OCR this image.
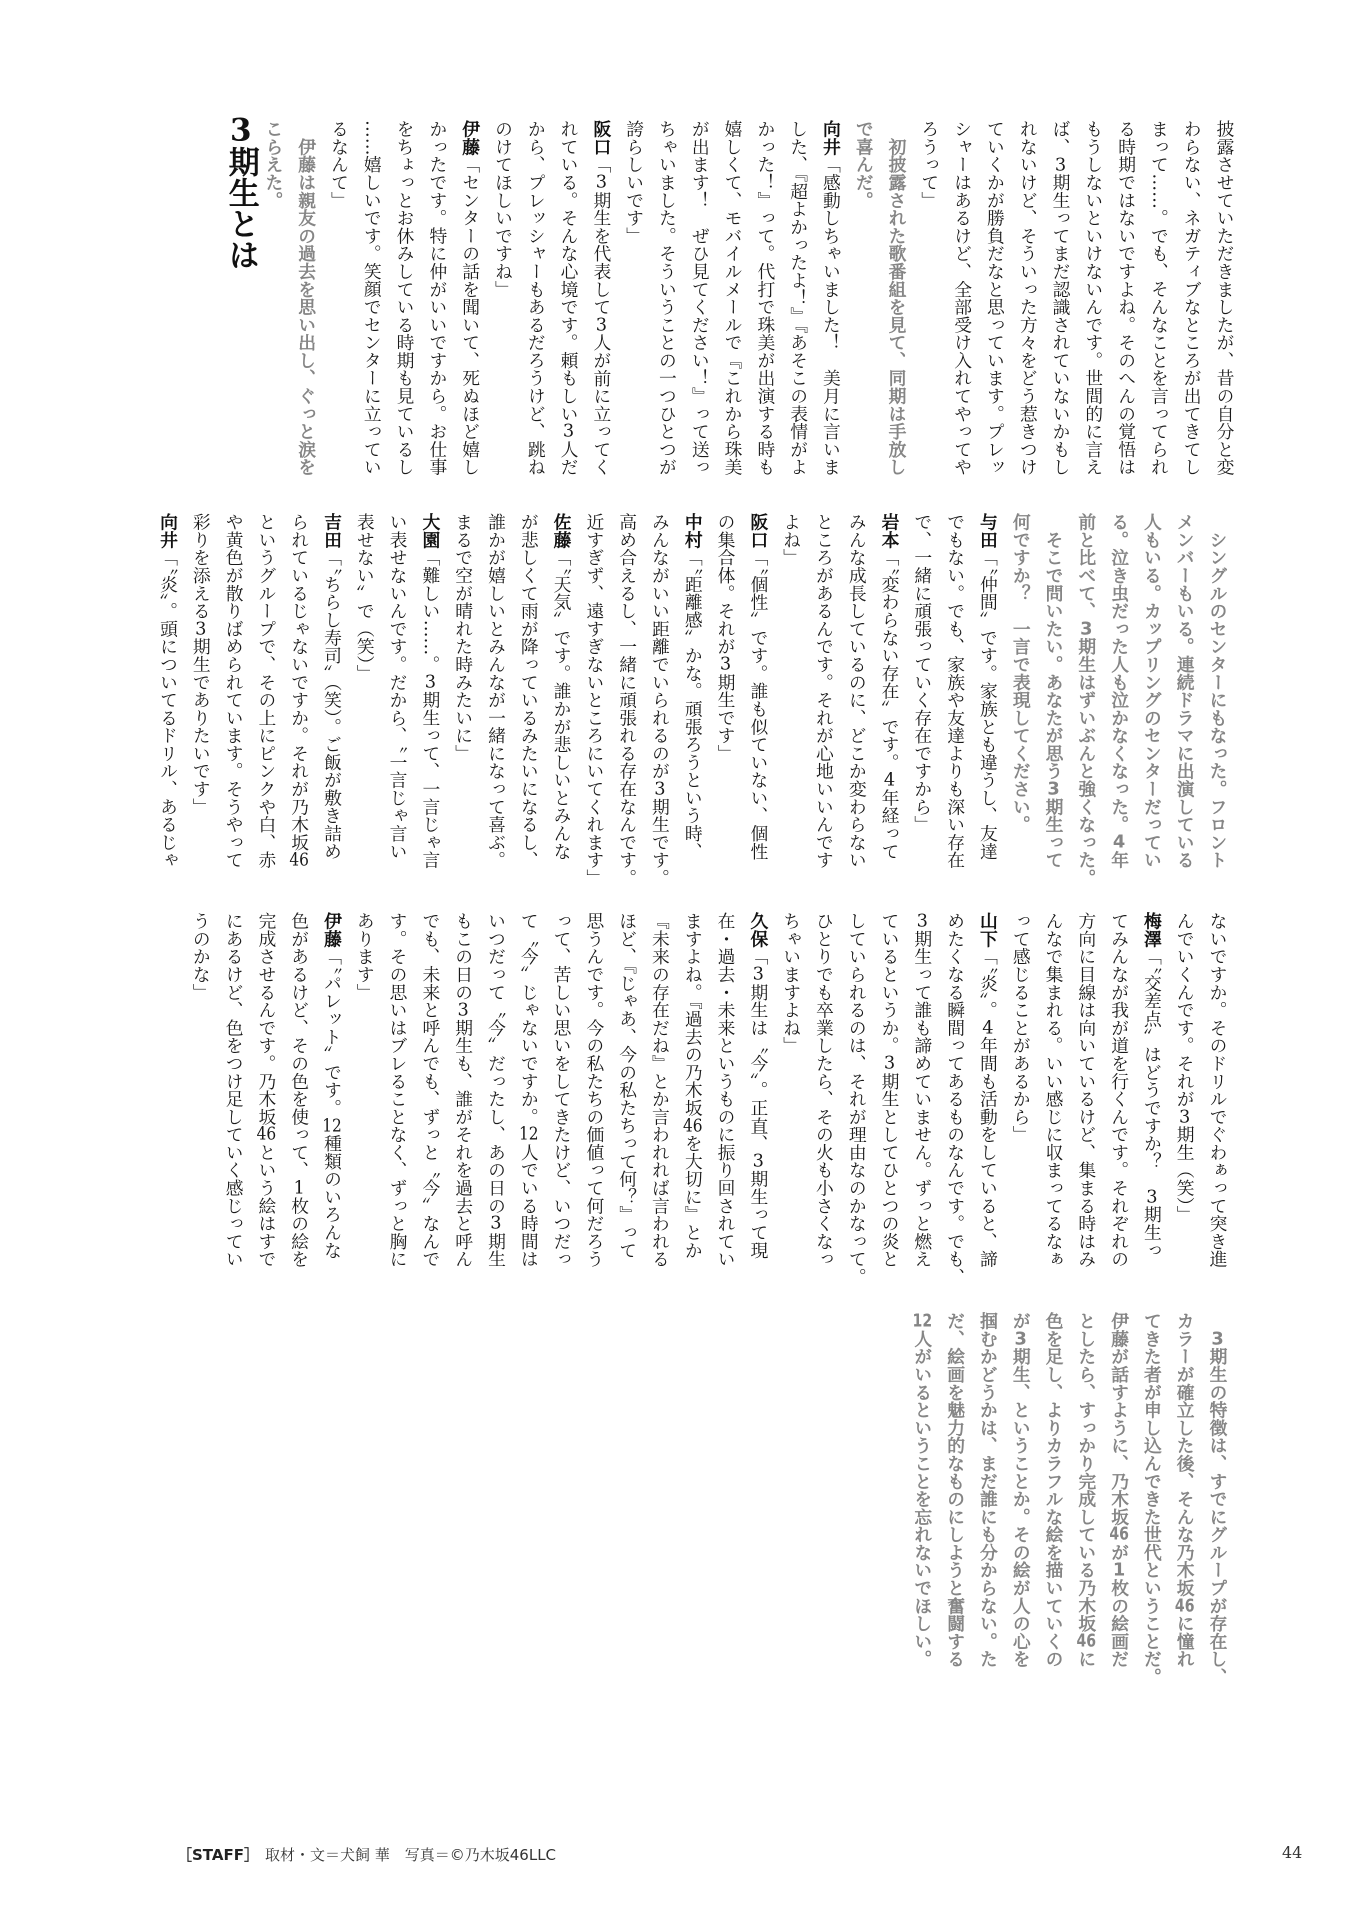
3期生とは	披露させていただきましたが、昔の自分と変
わらない、ネガティブなところが出てきてし
まって……。でも、そんなことを言ってられ
る時期ではないですよね。そのへんの覚悟は
もうしないといけないんです。世間的に言え
ば、3期生ってまだ認識されていないかもし
れないけど、そういった方々をどう惹きつけ
ていくかが勝負だなと思っています。プレッ
シャーはあるけど、全部受け入れてやってや
ろうって」
　初披露された歌番組を見て、同期は手放し
で喜んだ。
向井「感動しちゃいました！　美月に言いま
した、『超よかったよ！』『あそこの表情がよ
かった！』って。代打で珠美が出演する時も
嬉しくて、モバイルメールで『これから珠美
が出ます！　ぜひ見てください！』って送っ
ちゃいました。そういうことの一つひとつが
誇らしいです」
阪口「3期生を代表して3人が前に立ってく
れている。そんな心境です。頼もしい3人だ
から、プレッシャーもあるだろうけど、跳ね
のけてほしいですね」
伊藤「センターの話を聞いて、死ぬほど嬉し
かったです。特に仲がいいですから。お仕事
をちょっとお休みしている時期も見ているし
……嬉しいです。笑顔でセンターに立ってい
るなんて」
　伊藤は親友の過去を思い出し、ぐっと涙を
こらえた。
　シングルのセンターにもなった。フロント
メンバーもいる。連続ドラマに出演している
人もいる。カップリングのセンターだってい
る。泣き虫だった人も泣かなくなった。4年
前と比べて、3期生はずいぶんと強くなった。
　そこで問いたい。あなたが思う3期生って
何ですか？　一言で表現してください。
与田「〝仲間〟です。家族とも違うし、友達
でもない。でも、家族や友達よりも深い存在
で、一緒に頑張っていく存在ですから」
岩本「〝変わらない存在〟です。4年経って
みんな成長しているのに、どこか変わらない
ところがあるんです。それが心地いいんです
よね」
阪口「〝個性〟です。誰も似ていない、個性
の集合体。それが3期生です」
中村「〝距離感〟かな。頑張ろうという時、
みんながいい距離でいられるのが3期生です。
高め合えるし、一緒に頑張れる存在なんです。
近すぎず、遠すぎないところにいてくれます」
佐藤「〝天気〟です。誰かが悲しいとみんな
が悲しくて雨が降っているみたいになるし、
誰かが嬉しいとみんなが一緒になって喜ぶ。
まるで空が晴れた時みたいに」
大園「難しい……。3期生って、一言じゃ言
い表せないんです。だから、〝一言じゃ言い
表せない〟で（笑）」
吉田「〝ちらし寿司〟（笑）。ご飯が敷き詰め
られているじゃないですか。それが乃木坂46
というグループで、その上にピンクや白、赤
や黄色が散りばめられています。そうやって
彩りを添える3期生でありたいです」
向井「〝炎〟。頭についてるドリル、あるじゃ
ないですか。そのドリルでぐわぁって突き進
んでいくんです。それが3期生（笑）」
梅澤「〝交差点〟はどうですか？　3期生っ
てみんなが我が道を行くんです。それぞれの
方向に目線は向いているけど、集まる時はみ
んなで集まれる。いい感じに収まってるなぁ
って感じることがあるから」
山下「〝炎〟。4年間も活動をしていると、諦
めたくなる瞬間ってあるものなんです。でも、
3期生って誰も諦めていません。ずっと燃え
ているというか。3期生としてひとつの炎と
していられるのは、それが理由なのかなって。
ひとりでも卒業したら、その火も小さくなっ
ちゃいますよね」
久保「3期生は〝今〟。正直、3期生って現
在・過去・未来というものに振り回されてい
ますよね。『過去の乃木坂46を大切に』とか
『未来の存在だね』とか言われれば言われる
ほど、『じゃあ、今の私たちって何？』って
思うんです。今の私たちの価値って何だろう
って、苦しい思いをしてきたけど、いつだっ
て〝今〟じゃないですか。12人でいる時間は
いつだって〝今〟だったし、あの日の3期生
もこの日の3期生も、誰がそれを過去と呼ん
でも、未来と呼んでも、ずっと〝今〟なんで
す。その思いはブレることなく、ずっと胸に
あります」
伊藤「〝パレット〟です。12種類のいろんな
色があるけど、その色を使って、1枚の絵を
完成させるんです。乃木坂46という絵はすで
にあるけど、色をつけ足していく感じってい
うのかな」
　3期生の特徴は、すでにグループが存在し、
カラーが確立した後、そんな乃木坂46に憧れ
てきた者が申し込んできた世代ということだ。
伊藤が話すように、乃木坂46が1枚の絵画だ
としたら、すっかり完成している乃木坂46に
色を足し、よりカラフルな絵を描いていくの
が3期生、ということか。その絵が人の心を
掴むかどうかは、まだ誰にも分からない。た
だ、絵画を魅力的なものにしようと奮闘する
12人がいるということを忘れないでほしい。
［STAFF］ 取材・文＝犬飼 華　写真＝©乃木坂46LLC	44
